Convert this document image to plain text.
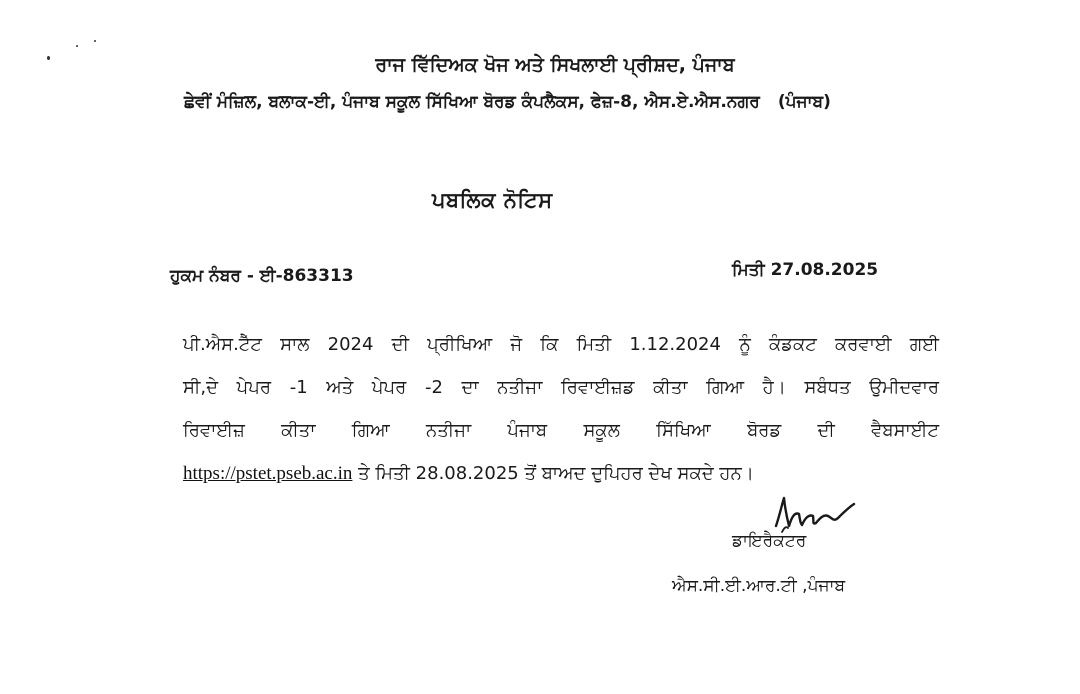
ਰਾਜ ਵਿੱਦਿਅਕ ਖੋਜ ਅਤੇ ਸਿਖਲਾਈ ਪ੍ਰੀਸ਼ਦ, ਪੰਜਾਬ
ਛੇਵੀਂ ਮੰਜ਼ਿਲ, ਬਲਾਕ-ਈ, ਪੰਜਾਬ ਸਕੂਲ ਸਿੱਖਿਆ ਬੋਰਡ ਕੰਪਲੈਕਸ, ਫੇਜ਼-8, ਐਸ.ਏ.ਐਸ.ਨਗਰ (ਪੰਜਾਬ)
ਪਬਲਿਕ ਨੋਟਿਸ
ਹੁਕਮ ਨੰਬਰ - ਈ-863313	ਮਿਤੀ 27.08.2025
ਪੀ.ਐਸ.ਟੈੱਟ ਸਾਲ 2024 ਦੀ ਪ੍ਰੀਖਿਆ ਜੋ ਕਿ ਮਿਤੀ 1.12.2024 ਨੂੰ ਕੰਡਕਟ ਕਰਵਾਈ ਗਈ
ਸੀ,ਦੇ ਪੇਪਰ -1 ਅਤੇ ਪੇਪਰ -2 ਦਾ ਨਤੀਜਾ ਰਿਵਾਈਜ਼ਡ ਕੀਤਾ ਗਿਆ ਹੈ। ਸਬੰਧਤ ਉਮੀਦਵਾਰ
ਰਿਵਾਈਜ਼ ਕੀਤਾ ਗਿਆ ਨਤੀਜਾ ਪੰਜਾਬ ਸਕੂਲ ਸਿੱਖਿਆ ਬੋਰਡ ਦੀ ਵੈਬਸਾਈਟ
https://pstet.pseb.ac.in ਤੇ ਮਿਤੀ 28.08.2025 ਤੋਂ ਬਾਅਦ ਦੁਪਿਹਰ ਦੇਖ ਸਕਦੇ ਹਨ।
ਡਾਇਰੈਕਟਰ
ਐਸ.ਸੀ.ਈ.ਆਰ.ਟੀ ,ਪੰਜਾਬ
